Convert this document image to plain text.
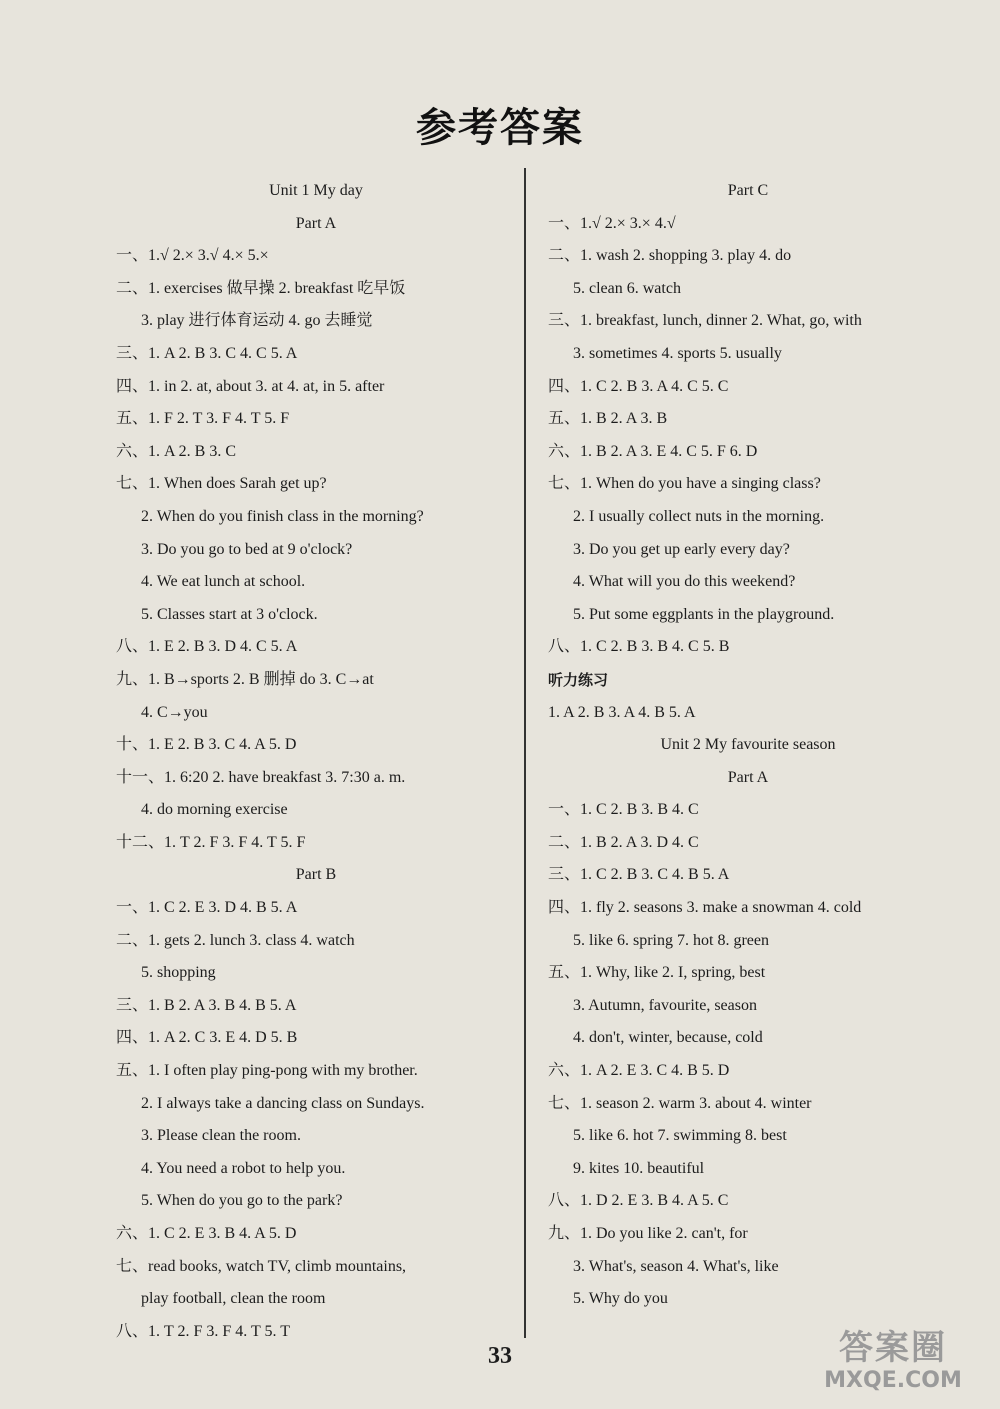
参考答案
Unit 1 My day
Part A
一、1.√ 2.× 3.√ 4.× 5.×
二、1. exercises 做早操 2. breakfast 吃早饭
3. play 进行体育运动 4. go 去睡觉
三、1. A 2. B 3. C 4. C 5. A
四、1. in 2. at, about 3. at 4. at, in 5. after
五、1. F 2. T 3. F 4. T 5. F
六、1. A 2. B 3. C
七、1. When does Sarah get up?
2. When do you finish class in the morning?
3. Do you go to bed at 9 o'clock?
4. We eat lunch at school.
5. Classes start at 3 o'clock.
八、1. E 2. B 3. D 4. C 5. A
九、1. B→sports 2. B 删掉 do 3. C→at
4. C→you
十、1. E 2. B 3. C 4. A 5. D
十一、1. 6:20 2. have breakfast 3. 7:30 a. m.
4. do morning exercise
十二、1. T 2. F 3. F 4. T 5. F
Part B
一、1. C 2. E 3. D 4. B 5. A
二、1. gets 2. lunch 3. class 4. watch
5. shopping
三、1. B 2. A 3. B 4. B 5. A
四、1. A 2. C 3. E 4. D 5. B
五、1. I often play ping-pong with my brother.
2. I always take a dancing class on Sundays.
3. Please clean the room.
4. You need a robot to help you.
5. When do you go to the park?
六、1. C 2. E 3. B 4. A 5. D
七、read books, watch TV, climb mountains,
play football, clean the room
八、1. T 2. F 3. F 4. T 5. T
Part C
一、1.√ 2.× 3.× 4.√
二、1. wash 2. shopping 3. play 4. do
5. clean 6. watch
三、1. breakfast, lunch, dinner 2. What, go, with
3. sometimes 4. sports 5. usually
四、1. C 2. B 3. A 4. C 5. C
五、1. B 2. A 3. B
六、1. B 2. A 3. E 4. C 5. F 6. D
七、1. When do you have a singing class?
2. I usually collect nuts in the morning.
3. Do you get up early every day?
4. What will you do this weekend?
5. Put some eggplants in the playground.
八、1. C 2. B 3. B 4. C 5. B
听力练习
1. A 2. B 3. A 4. B 5. A
Unit 2 My favourite season
Part A
一、1. C 2. B 3. B 4. C
二、1. B 2. A 3. D 4. C
三、1. C 2. B 3. C 4. B 5. A
四、1. fly 2. seasons 3. make a snowman 4. cold
5. like 6. spring 7. hot 8. green
五、1. Why, like 2. I, spring, best
3. Autumn, favourite, season
4. don't, winter, because, cold
六、1. A 2. E 3. C 4. B 5. D
七、1. season 2. warm 3. about 4. winter
5. like 6. hot 7. swimming 8. best
9. kites 10. beautiful
八、1. D 2. E 3. B 4. A 5. C
九、1. Do you like 2. can't, for
3. What's, season 4. What's, like
5. Why do you
33	答案圈
MXQE.COM
